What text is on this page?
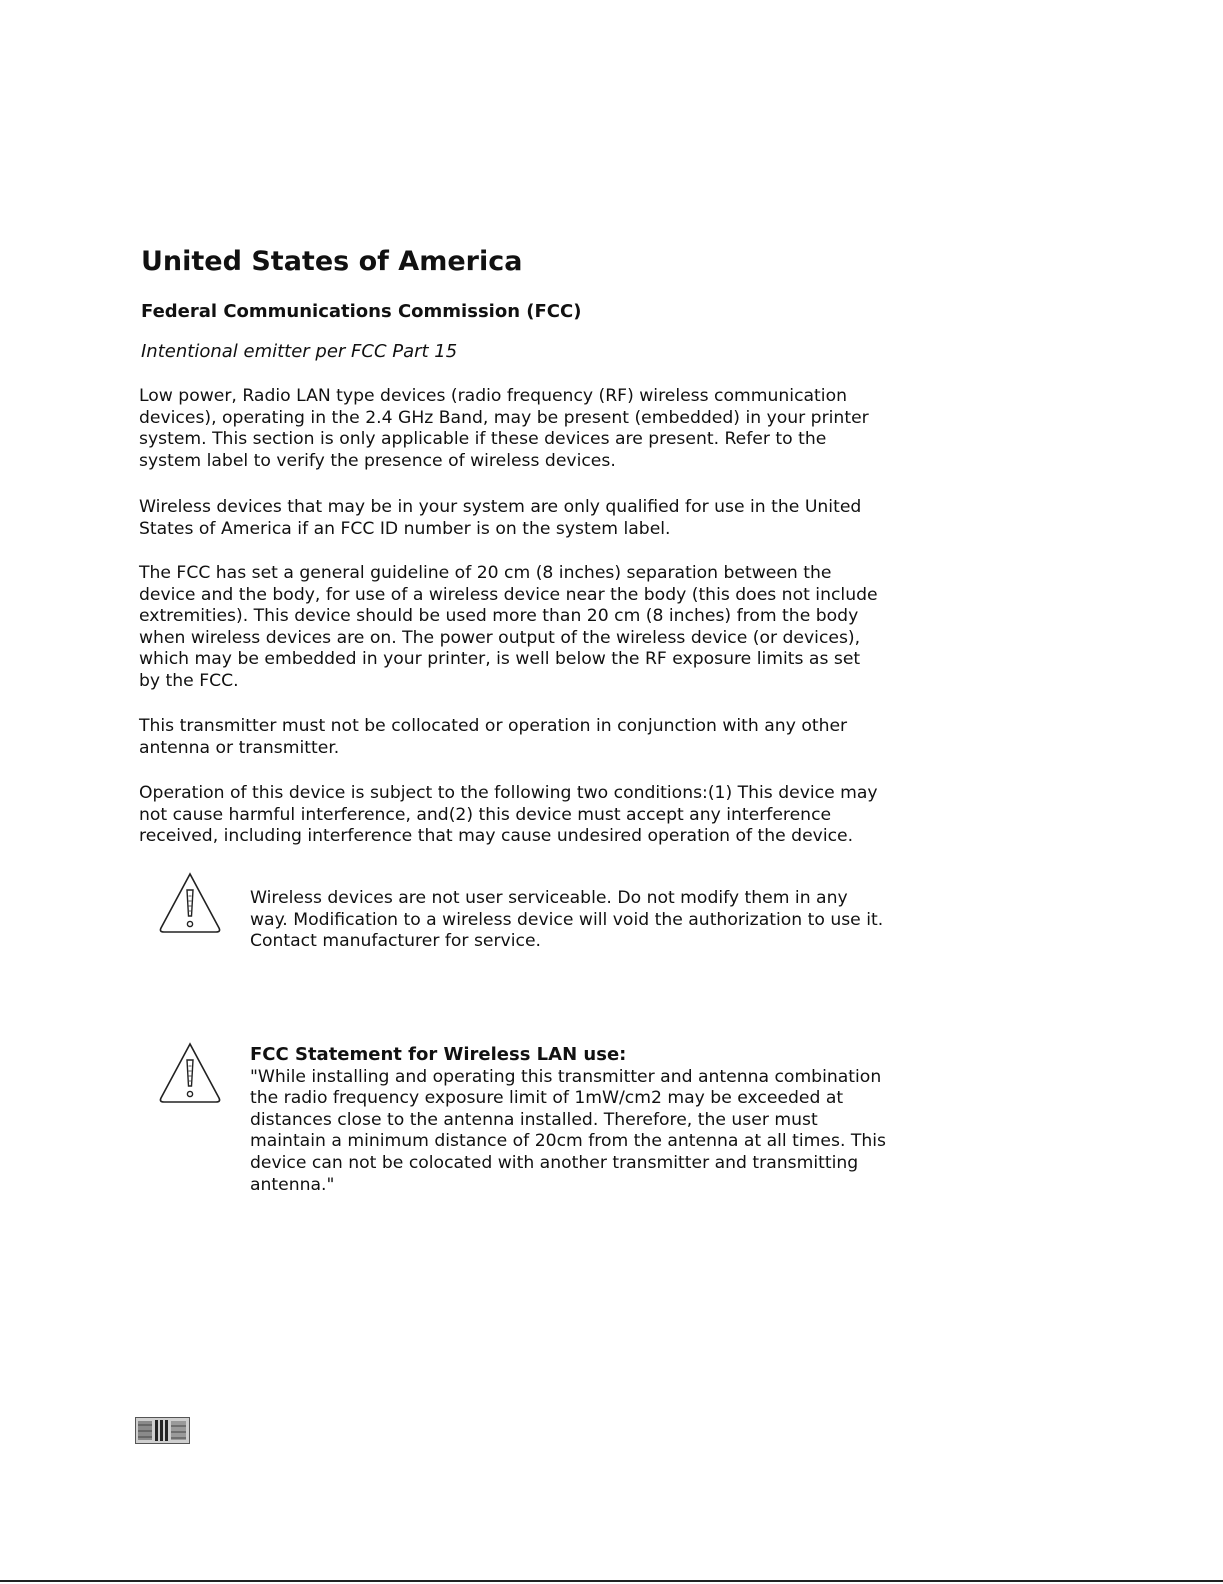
United States of America
Federal Communications Commission (FCC)

Intentional emitter per FCC Part 15

Low power, Radio LAN type devices (radio frequency (RF) wireless communication devices), operating in the 2.4 GHz Band, may be present (embedded) in your printer system. This section is only applicable if these devices are present. Refer to the system label to verify the presence of wireless devices.

Wireless devices that may be in your system are only qualified for use in the United States of America if an FCC ID number is on the system label.

The FCC has set a general guideline of 20 cm (8 inches) separation between the device and the body, for use of a wireless device near the body (this does not include extremities). This device should be used more than 20 cm (8 inches) from the body when wireless devices are on. The power output of the wireless device (or devices), which may be embedded in your printer, is well below the RF exposure limits as set by the FCC.

This transmitter must not be collocated or operation in conjunction with any other antenna or transmitter.

Operation of this device is subject to the following two conditions:(1) This device may not cause harmful interference, and(2) this device must accept any interference received, including interference that may cause undesired operation of the device.

Wireless devices are not user serviceable. Do not modify them in any way. Modification to a wireless device will void the authorization to use it. Contact manufacturer for service.

FCC Statement for Wireless LAN use:
"While installing and operating this transmitter and antenna combination the radio frequency exposure limit of 1mW/cm2 may be exceeded at distances close to the antenna installed. Therefore, the user must maintain a minimum distance of 20cm from the antenna at all times. This device can not be colocated with another transmitter and transmitting antenna."
